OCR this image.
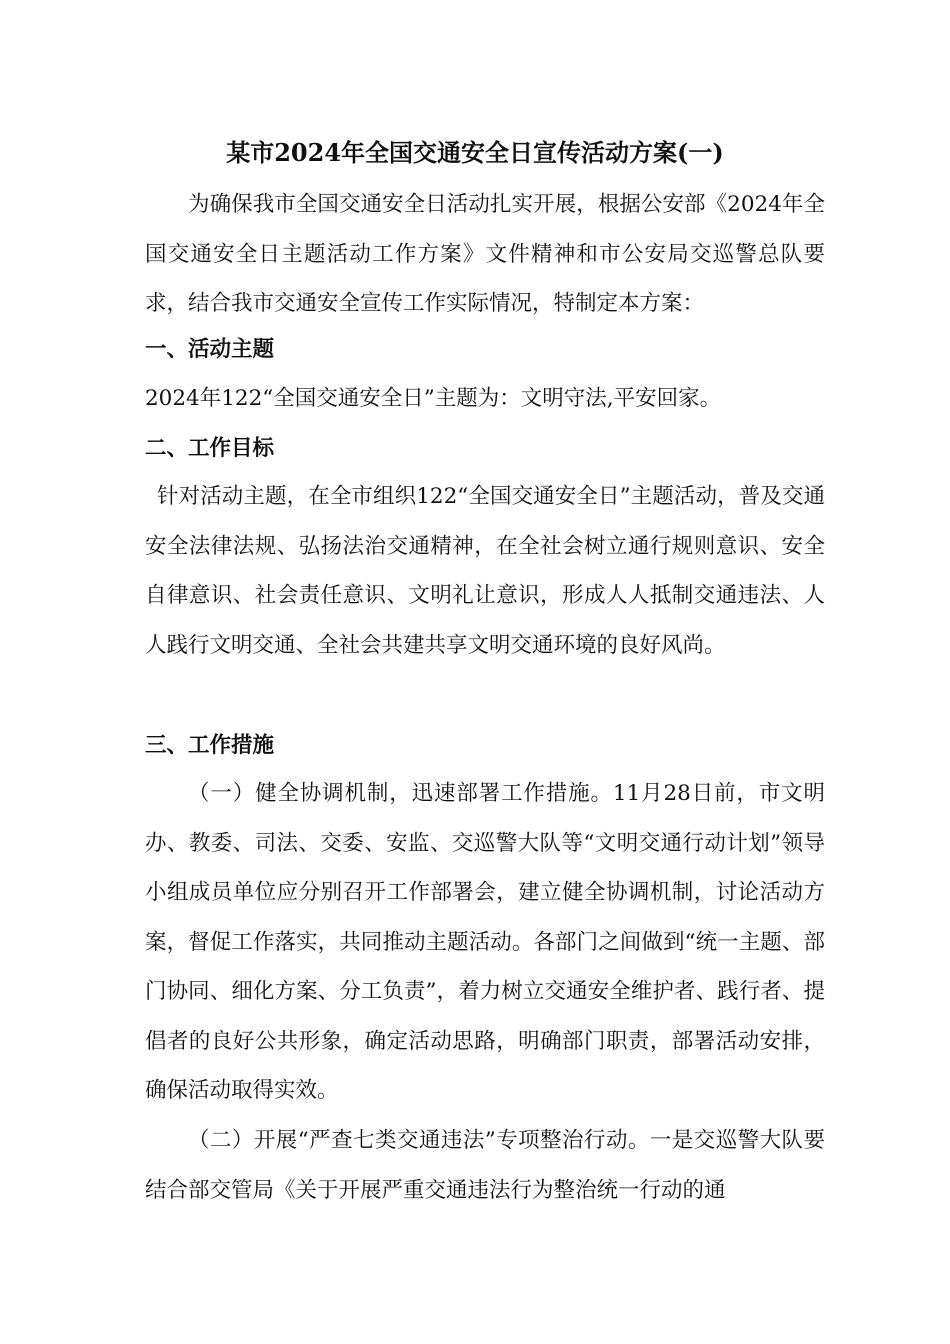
某市2024年全国交通安全日宣传活动方案(一)

为确保我市全国交通安全日活动扎实开展，根据公安部《2024年全国交通安全日主题活动工作方案》文件精神和市公安局交巡警总队要求，结合我市交通安全宣传工作实际情况，特制定本方案：

一、活动主题
2024年122“全国交通安全日”主题为：文明守法,平安回家。
二、工作目标

针对活动主题，在全市组织122“全国交通安全日”主题活动，普及交通安全法律法规、弘扬法治交通精神，在全社会树立通行规则意识、安全自律意识、社会责任意识、文明礼让意识，形成人人抵制交通违法、人人践行文明交通、全社会共建共享文明交通环境的良好风尚。

三、工作措施

（一）健全协调机制，迅速部署工作措施。11月28日前，市文明办、教委、司法、交委、安监、交巡警大队等“文明交通行动计划”领导小组成员单位应分别召开工作部署会，建立健全协调机制，讨论活动方案，督促工作落实，共同推动主题活动。各部门之间做到“统一主题、部门协同、细化方案、分工负责”，着力树立交通安全维护者、践行者、提倡者的良好公共形象，确定活动思路，明确部门职责，部署活动安排，确保活动取得实效。

（二）开展“严查七类交通违法”专项整治行动。一是交巡警大队要结合部交管局《关于开展严重交通违法行为整治统一行动的通
